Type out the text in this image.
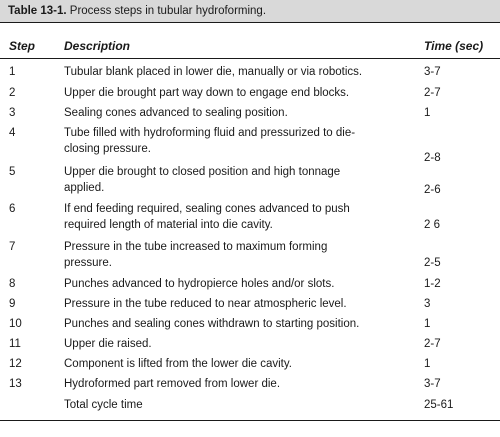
Table 13-1. Process steps in tubular hydroforming.
Step Description	Time (sec)
1	Tubular blank placed in lower die, manually or via robotics.	3-7
2	Upper die brought part way down to engage end blocks.	2-7
3	Sealing cones advanced to sealing position.	1
4	Tube filled with hydroforming fluid and pressurized to die-
closing pressure.
2-8
5	Upper die brought to closed position and high tonnage
applied.	2-6
6	If end feeding required, sealing cones advanced to push
required length of material into die cavity.	2 6
7	Pressure in the tube increased to maximum forming
pressure.	2-5
8	Punches advanced to hydropierce holes and/or slots.	1-2
9	Pressure in the tube reduced to near atmospheric level.	3
10	Punches and sealing cones withdrawn to starting position.	1
11	Upper die raised.	2-7
12	Component is lifted from the lower die cavity.	1
13	Hydroformed part removed from lower die.	3-7
Total cycle time	25-61
